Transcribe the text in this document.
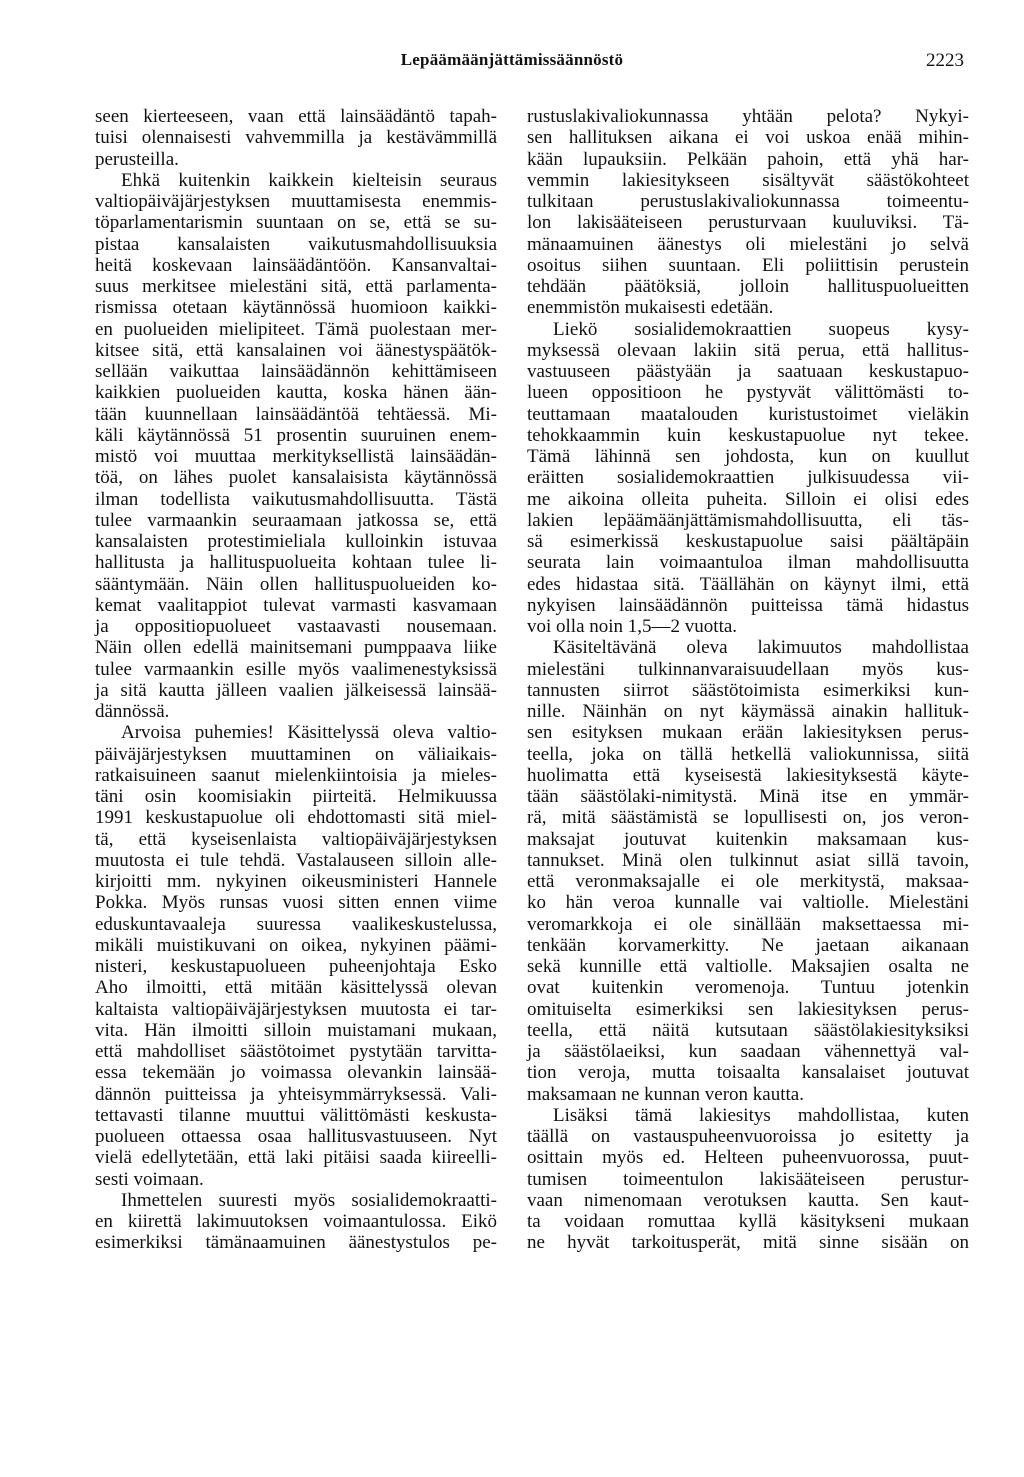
Lepäämäänjättämissäännöstö	2223
seen kierteeseen, vaan että lainsäädäntö tapah-
tuisi olennaisesti vahvemmilla ja kestävämmillä
perusteilla.
Ehkä kuitenkin kaikkein kielteisin seuraus
valtiopäiväjärjestyksen muuttamisesta enemmis-
töparlamentarismin suuntaan on se, että se su-
pistaa kansalaisten vaikutusmahdollisuuksia
heitä koskevaan lainsäädäntöön. Kansanvaltai-
suus merkitsee mielestäni sitä, että parlamenta-
rismissa otetaan käytännössä huomioon kaikki-
en puolueiden mielipiteet. Tämä puolestaan mer-
kitsee sitä, että kansalainen voi äänestyspäätök-
sellään vaikuttaa lainsäädännön kehittämiseen
kaikkien puolueiden kautta, koska hänen ään-
tään kuunnellaan lainsäädäntöä tehtäessä. Mi-
käli käytännössä 51 prosentin suuruinen enem-
mistö voi muuttaa merkityksellistä lainsäädän-
töä, on lähes puolet kansalaisista käytännössä
ilman todellista vaikutusmahdollisuutta. Tästä
tulee varmaankin seuraamaan jatkossa se, että
kansalaisten protestimieliala kulloinkin istuvaa
hallitusta ja hallituspuolueita kohtaan tulee li-
sääntymään. Näin ollen hallituspuolueiden ko-
kemat vaalitappiot tulevat varmasti kasvamaan
ja oppositiopuolueet vastaavasti nousemaan.
Näin ollen edellä mainitsemani pumppaava liike
tulee varmaankin esille myös vaalimenestyksissä
ja sitä kautta jälleen vaalien jälkeisessä lainsää-
dännössä.
Arvoisa puhemies! Käsittelyssä oleva valtio-
päiväjärjestyksen muuttaminen on väliaikais-
ratkaisuineen saanut mielenkiintoisia ja mieles-
täni osin koomisiakin piirteitä. Helmikuussa
1991 keskustapuolue oli ehdottomasti sitä miel-
tä, että kyseisenlaista valtiopäiväjärjestyksen
muutosta ei tule tehdä. Vastalauseen silloin alle-
kirjoitti mm. nykyinen oikeusministeri Hannele
Pokka. Myös runsas vuosi sitten ennen viime
eduskuntavaaleja suuressa vaalikeskustelussa,
mikäli muistikuvani on oikea, nykyinen päämi-
nisteri, keskustapuolueen puheenjohtaja Esko
Aho ilmoitti, että mitään käsittelyssä olevan
kaltaista valtiopäiväjärjestyksen muutosta ei tar-
vita. Hän ilmoitti silloin muistamani mukaan,
että mahdolliset säästötoimet pystytään tarvitta-
essa tekemään jo voimassa olevankin lainsää-
dännön puitteissa ja yhteisymmärryksessä. Vali-
tettavasti tilanne muuttui välittömästi keskusta-
puolueen ottaessa osaa hallitusvastuuseen. Nyt
vielä edellytetään, että laki pitäisi saada kiireelli-
sesti voimaan.
Ihmettelen suuresti myös sosialidemokraatti-
en kiirettä lakimuutoksen voimaantulossa. Eikö
esimerkiksi tämänaamuinen äänestystulos pe-
rustuslakivaliokunnassa yhtään pelota? Nykyi-
sen hallituksen aikana ei voi uskoa enää mihin-
kään lupauksiin. Pelkään pahoin, että yhä har-
vemmin lakiesitykseen sisältyvät säästökohteet
tulkitaan perustuslakivaliokunnassa toimeentu-
lon lakisääteiseen perusturvaan kuuluviksi. Tä-
mänaamuinen äänestys oli mielestäni jo selvä
osoitus siihen suuntaan. Eli poliittisin perustein
tehdään päätöksiä, jolloin hallituspuolueitten
enemmistön mukaisesti edetään.
Liekö sosialidemokraattien suopeus kysy-
myksessä olevaan lakiin sitä perua, että hallitus-
vastuuseen päästyään ja saatuaan keskustapuo-
lueen oppositioon he pystyvät välittömästi to-
teuttamaan maatalouden kuristustoimet vieläkin
tehokkaammin kuin keskustapuolue nyt tekee.
Tämä lähinnä sen johdosta, kun on kuullut
eräitten sosialidemokraattien julkisuudessa vii-
me aikoina olleita puheita. Silloin ei olisi edes
lakien lepäämäänjättämismahdollisuutta, eli täs-
sä esimerkissä keskustapuolue saisi päältäpäin
seurata lain voimaantuloa ilman mahdollisuutta
edes hidastaa sitä. Täällähän on käynyt ilmi, että
nykyisen lainsäädännön puitteissa tämä hidastus
voi olla noin 1,5—2 vuotta.
Käsiteltävänä oleva lakimuutos mahdollistaa
mielestäni tulkinnanvaraisuudellaan myös kus-
tannusten siirrot säästötoimista esimerkiksi kun-
nille. Näinhän on nyt käymässä ainakin hallituk-
sen esityksen mukaan erään lakiesityksen perus-
teella, joka on tällä hetkellä valiokunnissa, siitä
huolimatta että kyseisestä lakiesityksestä käyte-
tään säästölaki-nimitystä. Minä itse en ymmär-
rä, mitä säästämistä se lopullisesti on, jos veron-
maksajat joutuvat kuitenkin maksamaan kus-
tannukset. Minä olen tulkinnut asiat sillä tavoin,
että veronmaksajalle ei ole merkitystä, maksaa-
ko hän veroa kunnalle vai valtiolle. Mielestäni
veromarkkoja ei ole sinällään maksettaessa mi-
tenkään korvamerkitty. Ne jaetaan aikanaan
sekä kunnille että valtiolle. Maksajien osalta ne
ovat kuitenkin veromenoja. Tuntuu jotenkin
omituiselta esimerkiksi sen lakiesityksen perus-
teella, että näitä kutsutaan säästölakiesityksiksi
ja säästölaeiksi, kun saadaan vähennettyä val-
tion veroja, mutta toisaalta kansalaiset joutuvat
maksamaan ne kunnan veron kautta.
Lisäksi tämä lakiesitys mahdollistaa, kuten
täällä on vastauspuheenvuoroissa jo esitetty ja
osittain myös ed. Helteen puheenvuorossa, puut-
tumisen toimeentulon lakisääteiseen perustur-
vaan nimenomaan verotuksen kautta. Sen kaut-
ta voidaan romuttaa kyllä käsitykseni mukaan
ne hyvät tarkoitusperät, mitä sinne sisään on
